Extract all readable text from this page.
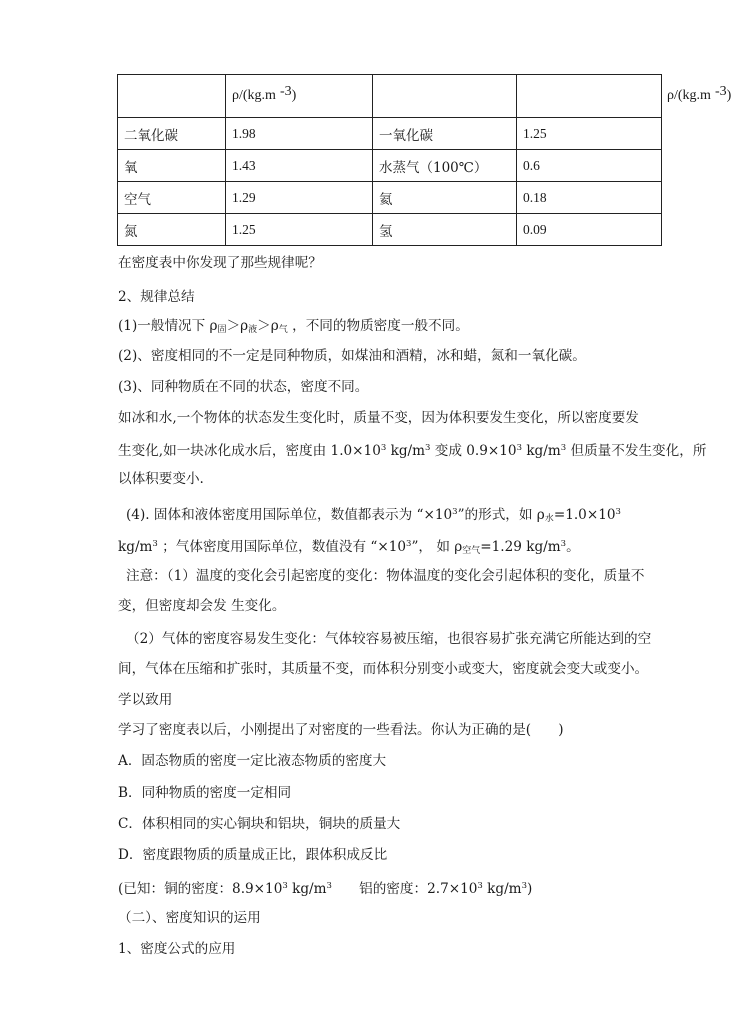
	ρ/(kg.m $^{-3}$)		ρ/(kg.m $^{-3}$)
二氧化碳	1.98	一氧化碳	1.25
氧	1.43	水蒸气（100℃）	0.6
空气	1.29	氦	0.18
氮	1.25	氢	0.09
在密度表中你发现了那些规律呢？
2、规律总结
(1)一般情况下 $\rho_固>\rho_液>\rho_气$ ，不同的物质密度一般不同。
(2)、密度相同的不一定是同种物质，如煤油和酒精，冰和蜡，氮和一氧化碳。
(3)、同种物质在不同的状态，密度不同。
如冰和水,一个物体的状态发生变化时，质量不变，因为体积要发生变化，所以密度要发
生变化,如一块冰化成水后，密度由 $1.0\times 10^3$ $kg/m^3$ 变成 $0.9\times 10^3$ $kg/m^3$ 但质量不发生变化，所
以体积要变小.
(4). 固体和液体密度用国际单位，数值都表示为 “$\times 10^3$”的形式，如 $\rho_水=1.0\times 10^3$
$kg/m^3$ ；气体密度用国际单位，数值没有 “$\times 10^3$”， 如 $\rho_{空气}=1.29$ $kg/m^3$。
注意：（1）温度的变化会引起密度的变化：物体温度的变化会引起体积的变化，质量不
变，但密度却会发 生变化。
（2）气体的密度容易发生变化：气体较容易被压缩，也很容易扩张充满它所能达到的空
间，气体在压缩和扩张时，其质量不变，而体积分别变小或变大，密度就会变大或变小。
学以致用
学习了密度表以后，小刚提出了对密度的一些看法。你认为正确的是(　　)
A．固态物质的密度一定比液态物质的密度大
B．同种物质的密度一定相同
C．体积相同的实心铜块和铝块，铜块的质量大
D．密度跟物质的质量成正比，跟体积成反比
(已知：铜的密度：$8.9\times 10^3$ $kg/m^3$　　铝的密度：$2.7\times 10^3$ $kg/m^3$)
（二）、密度知识的运用
1、密度公式的应用
